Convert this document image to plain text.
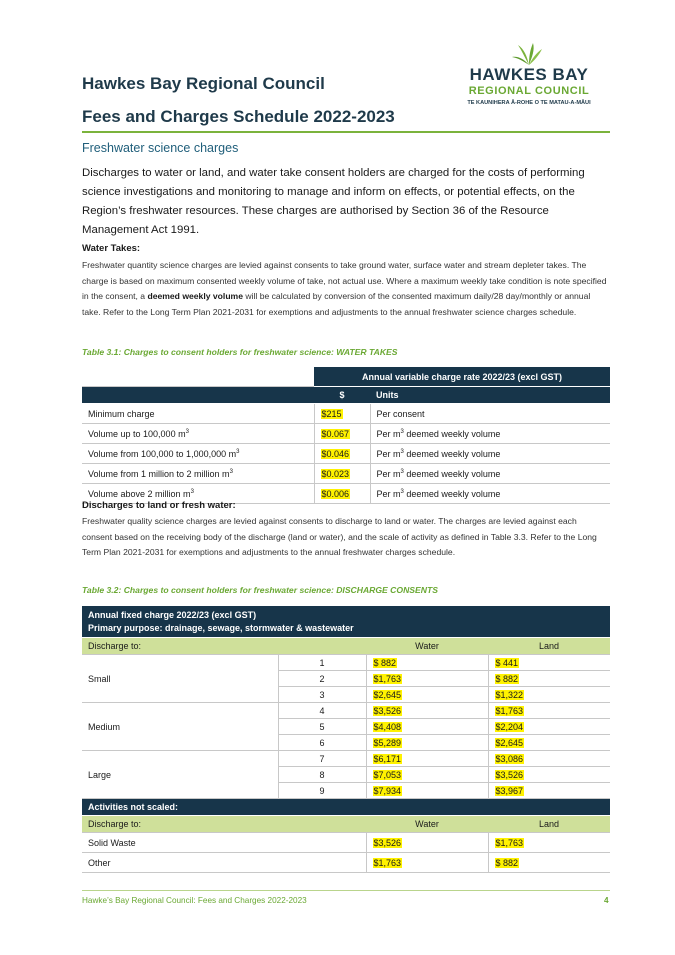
Hawkes Bay Regional Council
Fees and Charges Schedule 2022-2023
HAWKES BAY
REGIONAL COUNCIL
TE KAUNIHERA Ā-ROHE O TE MATAU-A-MĀUI
Freshwater science charges
Discharges to water or land, and water take consent holders are charged for the costs of performing science investigations and monitoring to manage and inform on effects, or potential effects, on the Region’s freshwater resources. These charges are authorised by Section 36 of the Resource Management Act 1991.
Water Takes:
Freshwater quantity science charges are levied against consents to take ground water, surface water and stream depleter takes. The charge is based on maximum consented weekly volume of take, not actual use. Where a maximum weekly take condition is note specified in the consent, a deemed weekly volume will be calculated by conversion of the consented maximum daily/28 day/monthly or annual take. Refer to the Long Term Plan 2021-2031 for exemptions and adjustments to the annual freshwater science charges schedule.
Table 3.1: Charges to consent holders for freshwater science: WATER TAKES
	Annual variable charge rate 2022/23 (excl GST)	
	$	Units
Minimum charge	$215	Per consent
Volume up to 100,000 $m^3$	$0.067	Per $m^3$ deemed weekly volume
Volume from 100,000 to 1,000,000 $m^3$	$0.046	Per $m^3$ deemed weekly volume
Volume from 1 million to 2 million $m^3$	$0.023	Per $m^3$ deemed weekly volume
Volume above 2 million $m^3$	$0.006	Per $m^3$ deemed weekly volume
Discharges to land or fresh water:
Freshwater quality science charges are levied against consents to discharge to land or water. The charges are levied against each consent based on the receiving body of the discharge (land or water), and the scale of activity as defined in Table 3.3. Refer to the Long Term Plan 2021-2031 for exemptions and adjustments to the annual freshwater charges schedule.
Table 3.2: Charges to consent holders for freshwater science: DISCHARGE CONSENTS
Annual fixed charge 2022/23 (excl GST)
Primary purpose: drainage, sewage, stormwater & wastewater			

Discharge to:		Water	Land
Small	1	$ 882	$ 441
	2	$1,763	$ 882
	3	$2,645	$1,322
Medium	4	$3,526	$1,763
	5	$4,408	$2,204
	6	$5,289	$2,645
Large	7	$6,171	$3,086
	8	$7,053	$3,526
	9	$7,934	$3,967
Activities not scaled:			
Discharge to:		Water	Land
Solid Waste		$3,526	$1,763
Other		$1,763	$ 882
Hawke’s Bay Regional Council: Fees and Charges 2022-2023	4
